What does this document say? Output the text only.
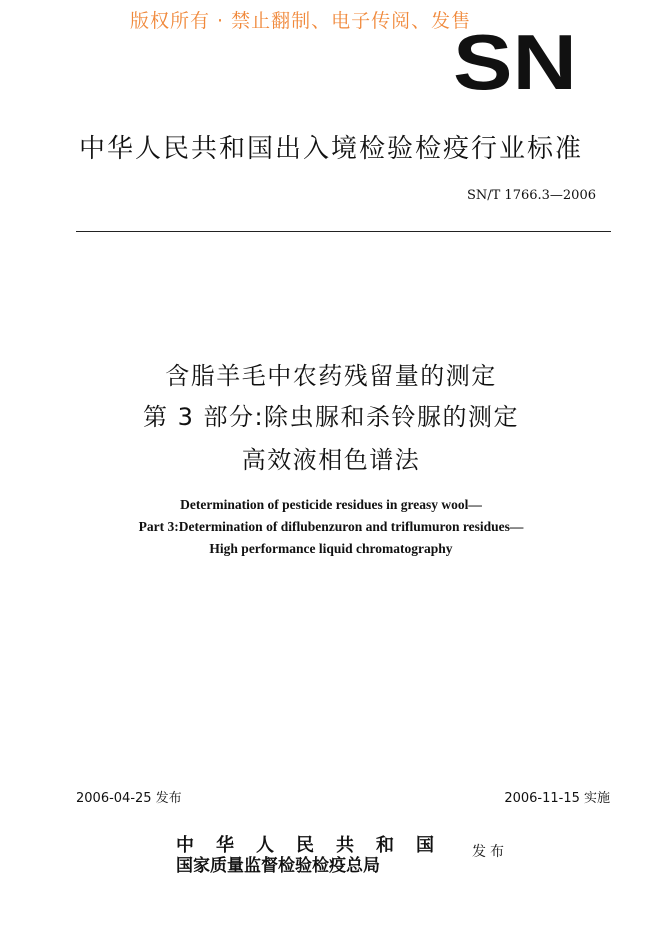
版权所有 · 禁止翻制、电子传阅、发售
SN
中华人民共和国出入境检验检疫行业标准
SN/T 1766.3—2006
含脂羊毛中农药残留量的测定
第 3 部分:除虫脲和杀铃脲的测定
高效液相色谱法
Determination of pesticide residues in greasy wool—
Part 3:Determination of diflubenzuron and triflumuron residues—
High performance liquid chromatography
2006-04-25 发布	2006-11-15 实施
中华人民共和国
国家质量监督检验检疫总局
发布
